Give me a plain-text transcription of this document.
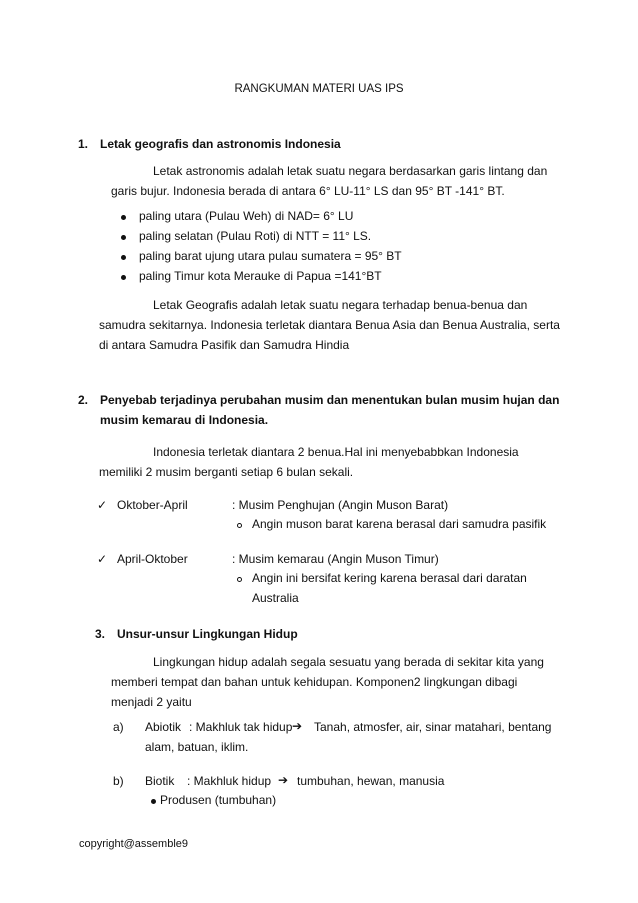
RANGKUMAN MATERI UAS IPS
1. Letak geografis dan astronomis Indonesia
Letak astronomis adalah letak suatu negara berdasarkan garis lintang dan
garis bujur. Indonesia berada di antara 6° LU-11° LS dan 95° BT -141° BT.
paling utara (Pulau Weh) di NAD= 6° LU
paling selatan (Pulau Roti) di NTT = 11° LS.
paling barat ujung utara pulau sumatera = 95° BT
paling Timur kota Merauke di Papua =141°BT
Letak Geografis adalah letak suatu negara terhadap benua-benua dan
samudra sekitarnya. Indonesia terletak diantara Benua Asia dan Benua Australia, serta
di antara Samudra Pasifik dan Samudra Hindia
2. Penyebab terjadinya perubahan musim dan menentukan bulan musim hujan dan
musim kemarau di Indonesia.
Indonesia terletak diantara 2 benua.Hal ini menyebabbkan Indonesia
memiliki 2 musim berganti setiap 6 bulan sekali.
✓ Oktober-April	: Musim Penghujan (Angin Muson Barat)
Angin muson barat karena berasal dari samudra pasifik
✓ April-Oktober	: Musim kemarau (Angin Muson Timur)
Angin ini bersifat kering karena berasal dari daratan
Australia
3. Unsur-unsur Lingkungan Hidup
Lingkungan hidup adalah segala sesuatu yang berada di sekitar kita yang
memberi tempat dan bahan untuk kehidupan. Komponen2 lingkungan dibagi
menjadi 2 yaitu
a) Abiotik : Makhluk tak hidup ➔ Tanah, atmosfer, air, sinar matahari, bentang
alam, batuan, iklim.
b) Biotik : Makhluk hidup ➔ tumbuhan, hewan, manusia
Produsen (tumbuhan)
copyright@assemble9
